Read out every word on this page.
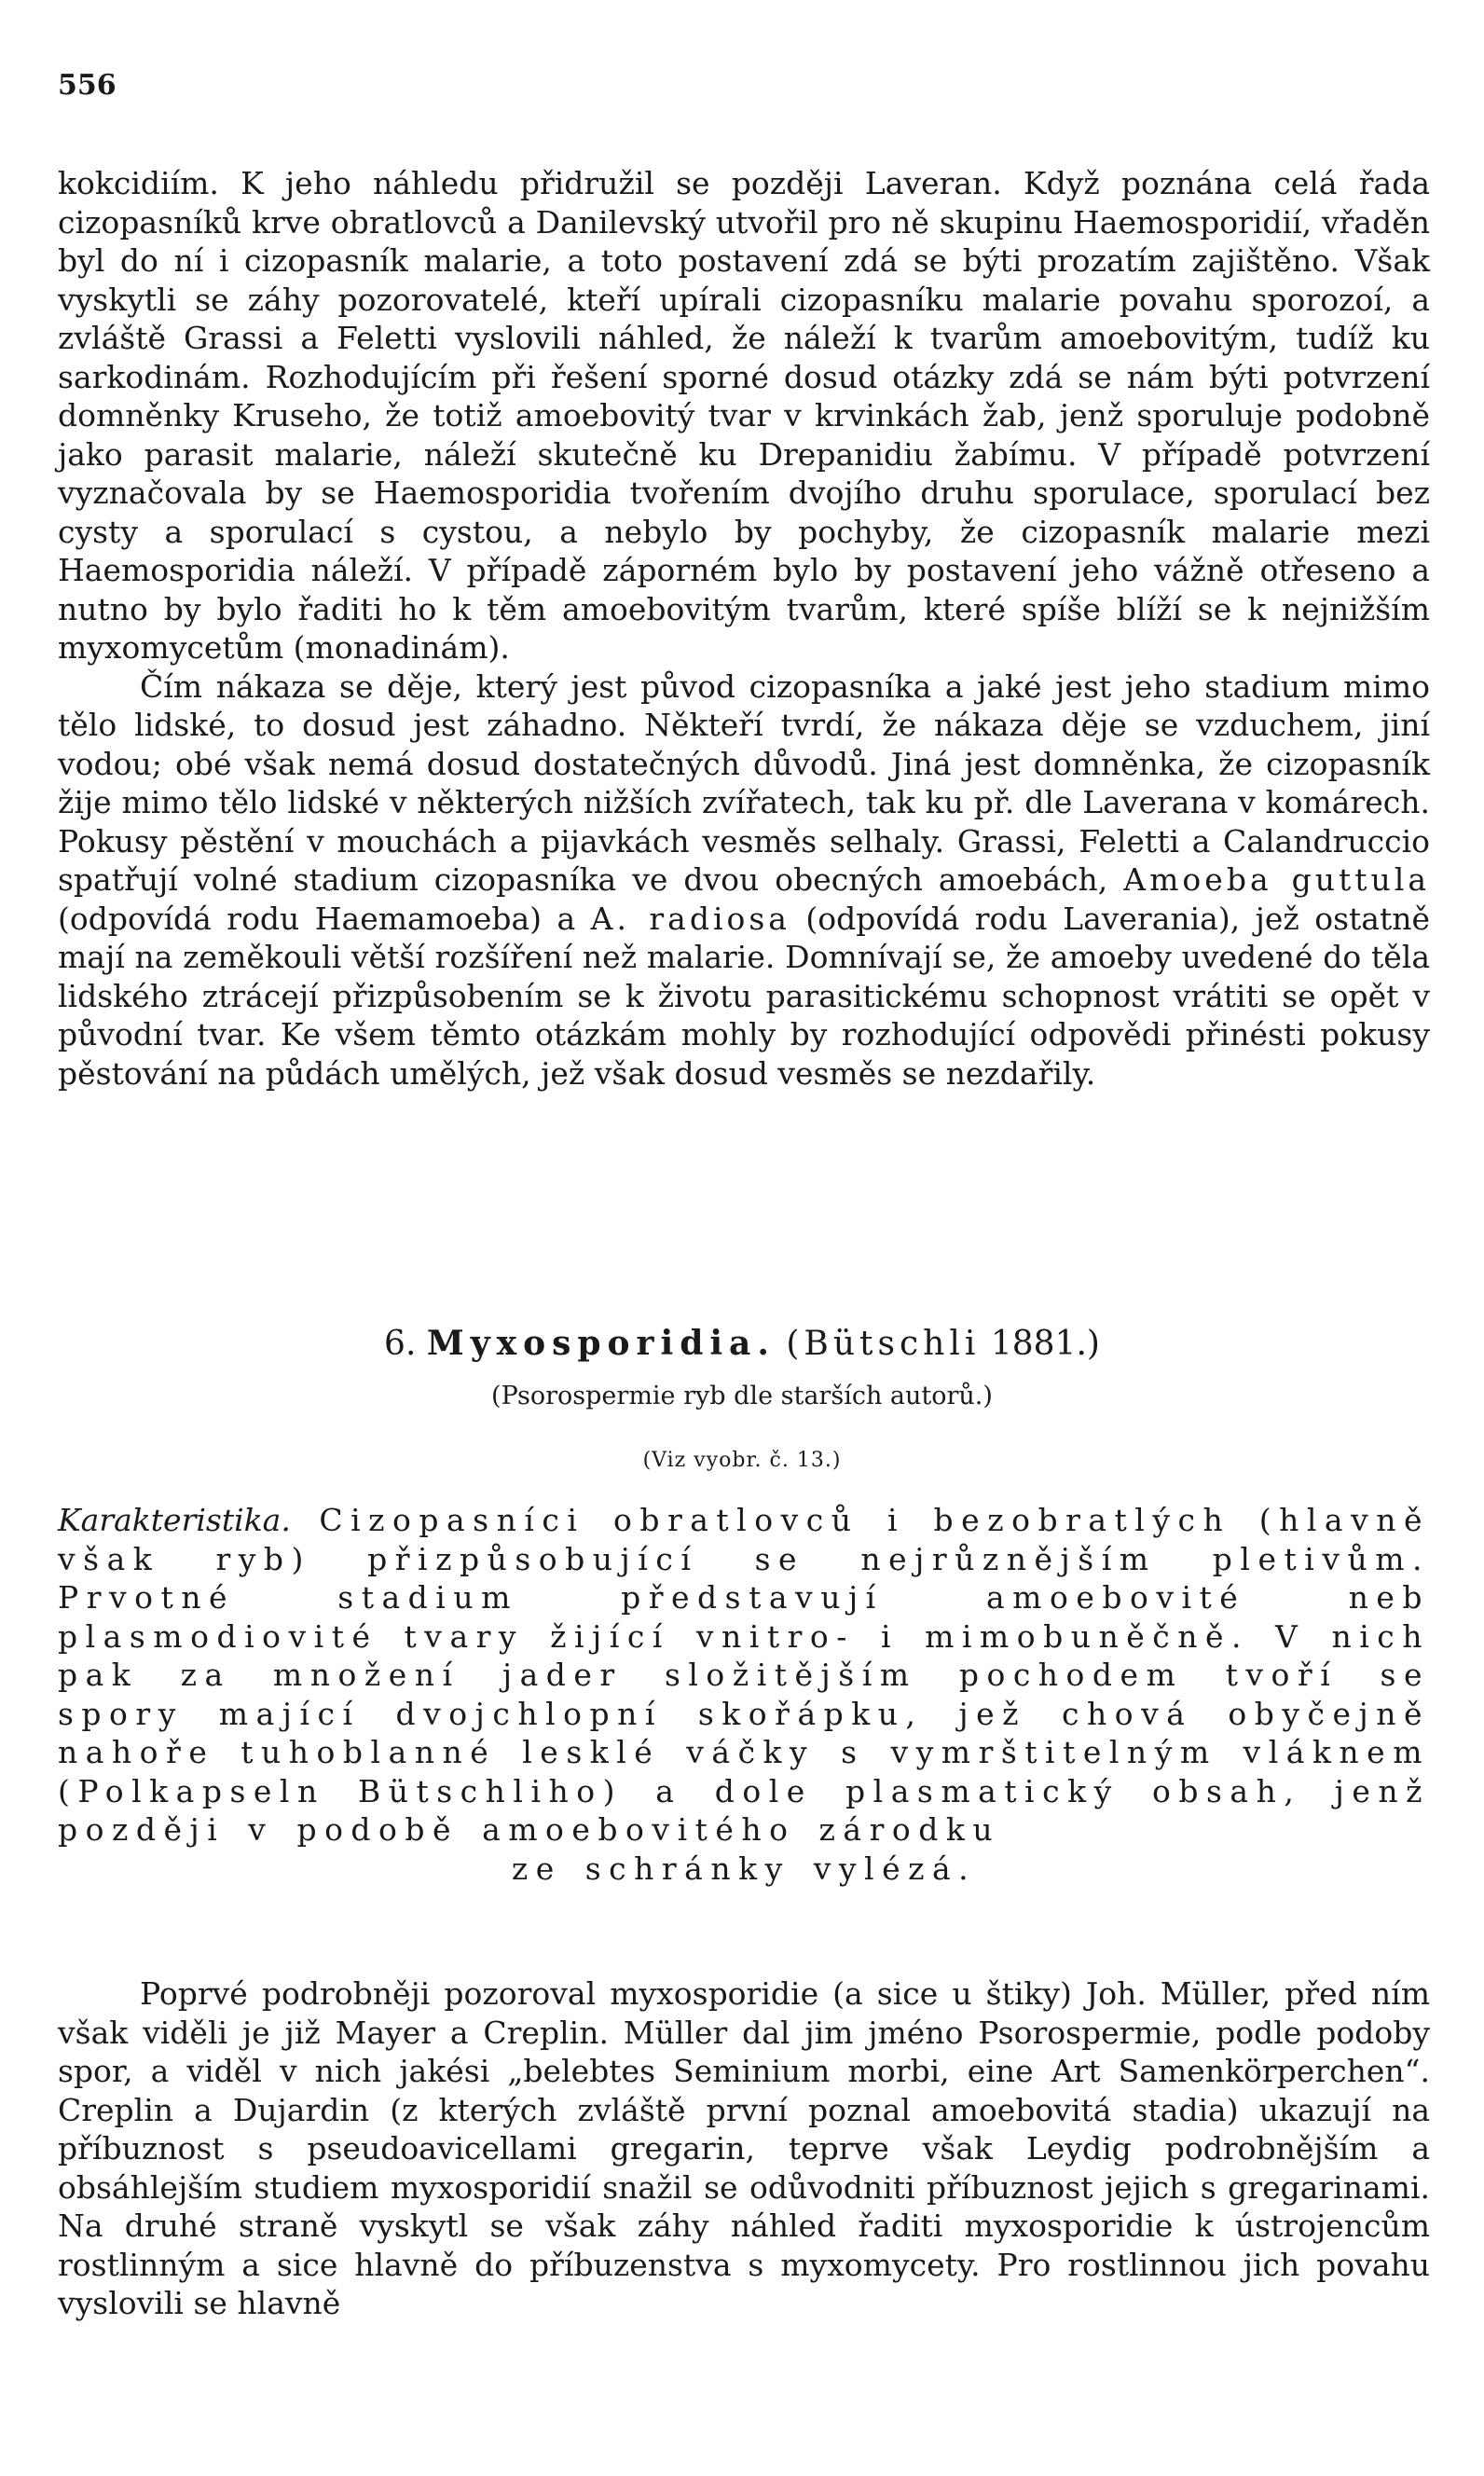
556

kokcidiím. K jeho náhledu přidružil se později Laveran. Když poznána celá řada cizopasníků krve obratlovců a Danilevský utvořil pro ně skupinu Haemosporidií, vřaděn byl do ní i cizopasník malarie, a toto postavení zdá se býti prozatím zajištěno. Však vyskytli se záhy pozorovatelé, kteří upírali cizopasníku malarie povahu sporozoí, a zvláště Grassi a Feletti vyslovili náhled, že náleží k tvarům amoebovitým, tudíž ku sarkodinám. Rozhodujícím při řešení sporné dosud otázky zdá se nám býti potvrzení domněnky Kruseho, že totiž amoebovitý tvar v krvinkách žab, jenž sporuluje podobně jako parasit malarie, náleží skutečně ku Drepanidiu žabímu. V případě potvrzení vyznačovala by se Haemosporidia tvořením dvojího druhu sporulace, sporulací bez cysty a sporulací s cystou, a nebylo by pochyby, že cizopasník malarie mezi Haemosporidia náleží. V případě záporném bylo by postavení jeho vážně otřeseno a nutno by bylo řaditi ho k těm amoebovitým tvarům, které spíše blíží se k nejnižším myxomycetům (monadinám).

Čím nákaza se děje, který jest původ cizopasníka a jaké jest jeho stadium mimo tělo lidské, to dosud jest záhadno. Někteří tvrdí, že nákaza děje se vzduchem, jiní vodou; obé však nemá dosud dostatečných důvodů. Jiná jest domněnka, že cizopasník žije mimo tělo lidské v některých nižších zvířatech, tak ku př. dle Laverana v komárech. Pokusy pěstění v mouchách a pijavkách vesměs selhaly. Grassi, Feletti a Calandruccio spatřují volné stadium cizopasníka ve dvou obecných amoebách, Amoeba guttula (odpovídá rodu Haemamoeba) a A. radiosa (odpovídá rodu Laverania), jež ostatně mají na zeměkouli větší rozšíření než malarie. Domnívají se, že amoeby uvedené do těla lidského ztrácejí přizpůsobením se k životu parasitickému schopnost vrátiti se opět v původní tvar. Ke všem těmto otázkám mohly by rozhodující odpovědi přinésti pokusy pěstování na půdách umělých, jež však dosud vesměs se nezdařily.

6. Myxosporidia. (Bütschli 1881.)
(Psorospermie ryb dle starších autorů.)
(Viz vyobr. č. 13.)
Karakteristika. Cizopasníci obratlovců i bezobratlých (hlavně však ryb) přizpůsobující se nejrůznějším pletivům. Prvotné stadium představují amoebovité neb plasmodiovité tvary žijící vnitro- i mimobuněčně. V nich pak za množení jader složitějším pochodem tvoří se spory mající dvojchlopní skořápku, jež chová obyčejně nahoře tuhoblanné lesklé váčky s vymrštitelným vláknem (Polkapseln Bütschliho) a dole plasmatický obsah, jenž později v podobě amoebovitého zárodku
ze schránky vylézá.

Poprvé podrobněji pozoroval myxosporidie (a sice u štiky) Joh. Müller, před ním však viděli je již Mayer a Creplin. Müller dal jim jméno Psorospermie, podle podoby spor, a viděl v nich jakési „belebtes Seminium morbi, eine Art Samenkörperchen“. Creplin a Dujardin (z kterých zvláště první poznal amoebovitá stadia) ukazují na příbuznost s pseudoavicellami gregarin, teprve však Leydig podrobnějším a obsáhlejším studiem myxosporidií snažil se odůvodniti příbuznost jejich s gregarinami. Na druhé straně vyskytl se však záhy náhled řaditi myxosporidie k ústrojencům rostlinným a sice hlavně do příbuzenstva s myxomycety. Pro rostlinnou jich povahu vyslovili se hlavně
